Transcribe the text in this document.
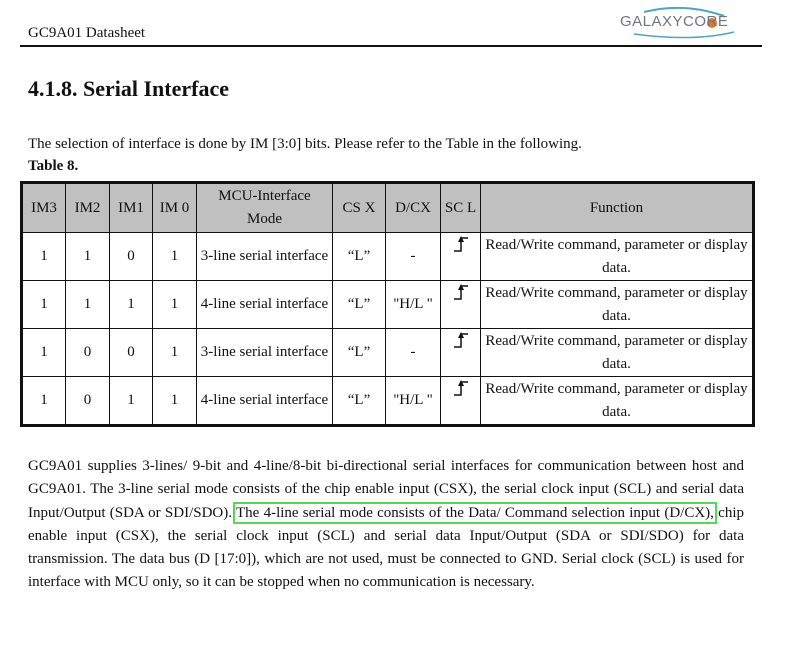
GC9A01 Datasheet
GALAXYCORE
4.1.8. Serial Interface
The selection of interface is done by IM [3:0] bits. Please refer to the Table in the following.
Table 8.
IM3	IM2	IM1	IM 0	MCU-Interface Mode	CS X	D/CX	SC L	Function
1	1	0	1	3-line serial interface	“L”	-		Read/Write command, parameter or display data.
1	1	1	1	4-line serial interface	“L”	"H/L "		Read/Write command, parameter or display data.
1	0	0	1	3-line serial interface	“L”	-		Read/Write command, parameter or display data.
1	0	1	1	4-line serial interface	“L”	"H/L "		Read/Write command, parameter or display data.
GC9A01 supplies 3-lines/ 9-bit and 4-line/8-bit bi-directional serial interfaces for communication between host and GC9A01. The 3-line serial mode consists of the chip enable input (CSX), the serial clock input (SCL) and serial data Input/Output (SDA or SDI/SDO). The 4-line serial mode consists of the Data/ Command selection input (D/CX), chip enable input (CSX), the serial clock input (SCL) and serial data Input/Output (SDA or SDI/SDO) for data transmission. The data bus (D [17:0]), which are not used, must be connected to GND. Serial clock (SCL) is used for interface with MCU only, so it can be stopped when no communication is necessary.
